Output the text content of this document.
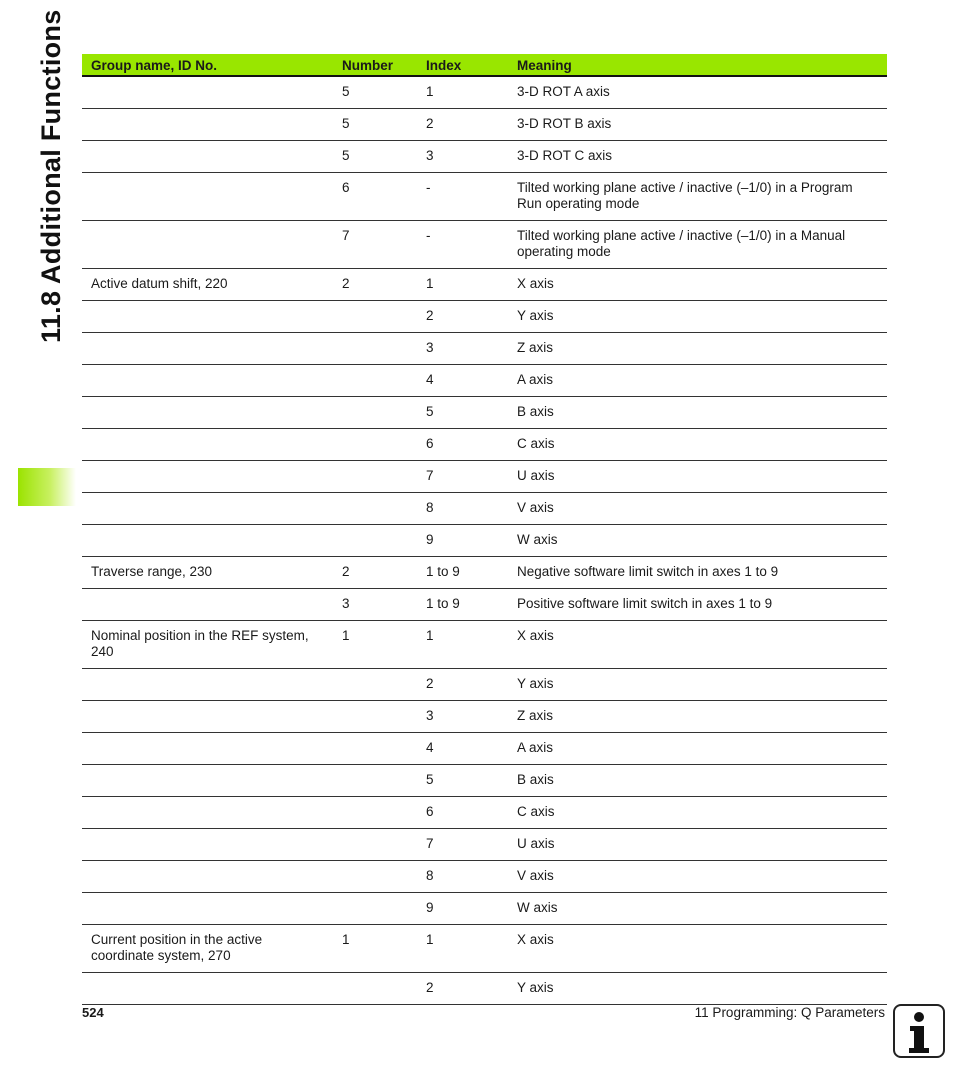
11.8 Additional Functions Group name, ID No.	Number	Index	Meaning
	5	1	3-D ROT A axis
	5	2	3-D ROT B axis
	5	3	3-D ROT C axis
	6	-	Tilted working plane active / inactive (–1/0) in a Program Run operating mode
	7	-	Tilted working plane active / inactive (–1/0) in a Manual operating mode
Active datum shift, 220	2	1	X axis
		2	Y axis
		3	Z axis
		4	A axis
		5	B axis
		6	C axis
		7	U axis
		8	V axis
		9	W axis
Traverse range, 230	2	1 to 9	Negative software limit switch in axes 1 to 9
	3	1 to 9	Positive software limit switch in axes 1 to 9
Nominal position in the REF system, 240	1	1	X axis
		2	Y axis
		3	Z axis
		4	A axis
		5	B axis
		6	C axis
		7	U axis
		8	V axis
		9	W axis
Current position in the active coordinate system, 270	1	1	X axis
		2	Y axis
524	11 Programming: Q Parameters
